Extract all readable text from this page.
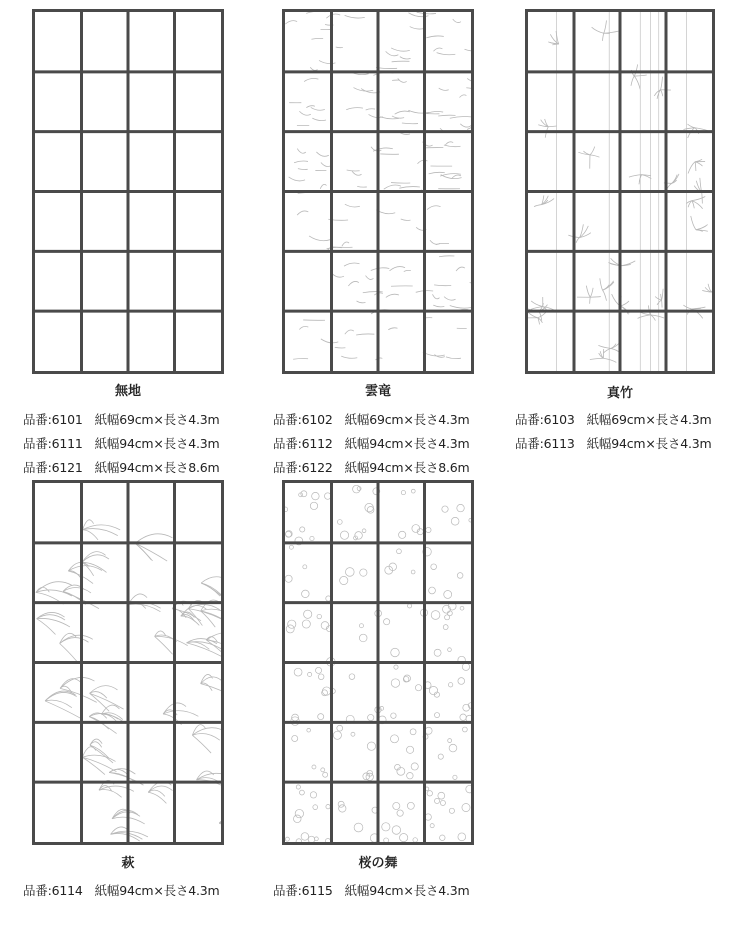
無地
品番:6101 紙幅69cm×長さ4.3m
品番:6111 紙幅94cm×長さ4.3m
品番:6121 紙幅94cm×長さ8.6m
雲竜
品番:6102 紙幅69cm×長さ4.3m
品番:6112 紙幅94cm×長さ4.3m
品番:6122 紙幅94cm×長さ8.6m
真竹
品番:6103 紙幅69cm×長さ4.3m
品番:6113 紙幅94cm×長さ4.3m
萩
品番:6114 紙幅94cm×長さ4.3m
桜の舞
品番:6115 紙幅94cm×長さ4.3m
